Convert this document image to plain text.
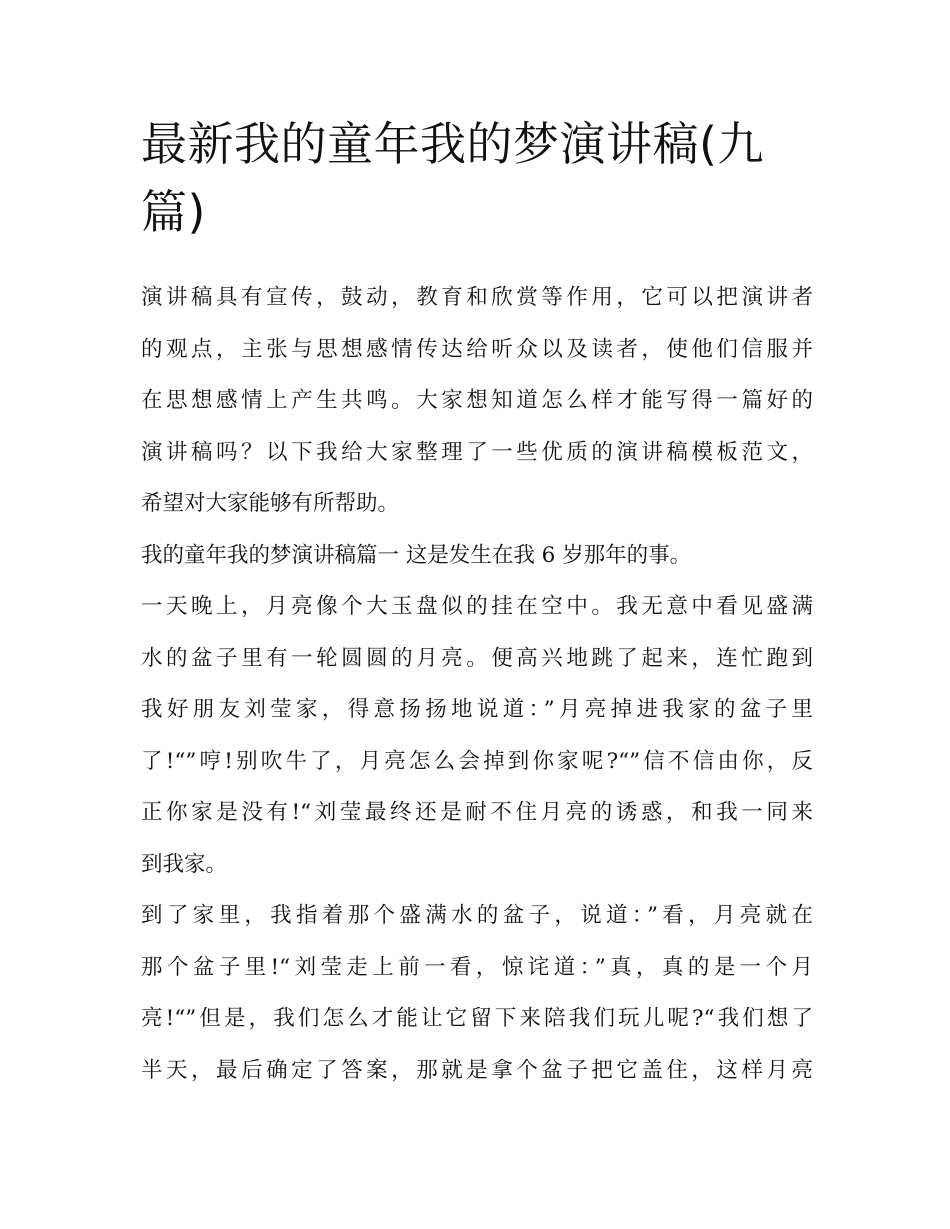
最新我的童年我的梦演讲稿(九
篇)
演讲稿具有宣传，鼓动，教育和欣赏等作用，它可以把演讲者
的观点，主张与思想感情传达给听众以及读者，使他们信服并
在思想感情上产生共鸣。大家想知道怎么样才能写得一篇好的
演讲稿吗？以下我给大家整理了一些优质的演讲稿模板范文，
希望对大家能够有所帮助。
我的童年我的梦演讲稿篇一 这是发生在我 6 岁那年的事。
一天晚上，月亮像个大玉盘似的挂在空中。我无意中看见盛满
水的盆子里有一轮圆圆的月亮。便高兴地跳了起来，连忙跑到
我好朋友刘莹家，得意扬扬地说道：”月亮掉进我家的盆子里
了!“”哼!别吹牛了，月亮怎么会掉到你家呢?“”信不信由你，反
正你家是没有!“刘莹最终还是耐不住月亮的诱惑，和我一同来
到我家。
到了家里，我指着那个盛满水的盆子，说道：”看，月亮就在
那个盆子里!“刘莹走上前一看，惊诧道：”真，真的是一个月
亮!“”但是，我们怎么才能让它留下来陪我们玩儿呢?“我们想了
半天，最后确定了答案，那就是拿个盆子把它盖住，这样月亮
